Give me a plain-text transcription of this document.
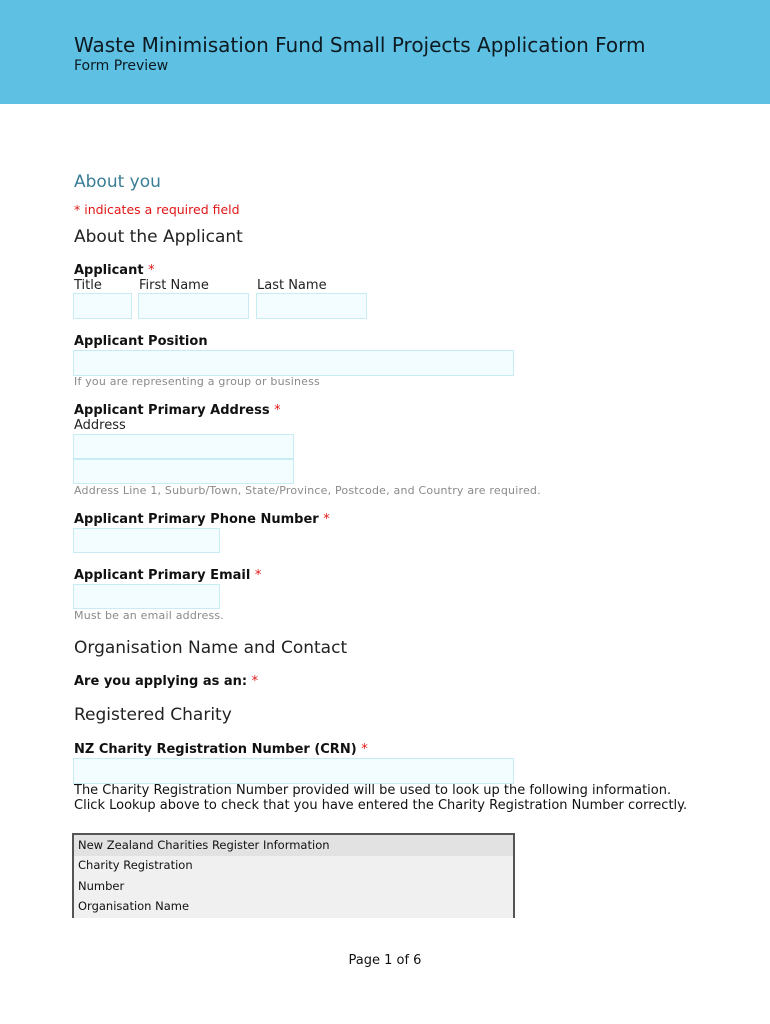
Waste Minimisation Fund Small Projects Application Form
Form Preview
About you
* indicates a required field
About the Applicant
Applicant *
Title	First Name	Last Name
Applicant Position
If you are representing a group or business
Applicant Primary Address *
Address
Address Line 1, Suburb/Town, State/Province, Postcode, and Country are required.
Applicant Primary Phone Number *
Applicant Primary Email *
Must be an email address.
Organisation Name and Contact
Are you applying as an: *
Registered Charity
NZ Charity Registration Number (CRN) *
The Charity Registration Number provided will be used to look up the following information. Click Lookup above to check that you have entered the Charity Registration Number correctly.
New Zealand Charities Register Information
Charity Registration
Number
Organisation Name
Page 1 of 6
